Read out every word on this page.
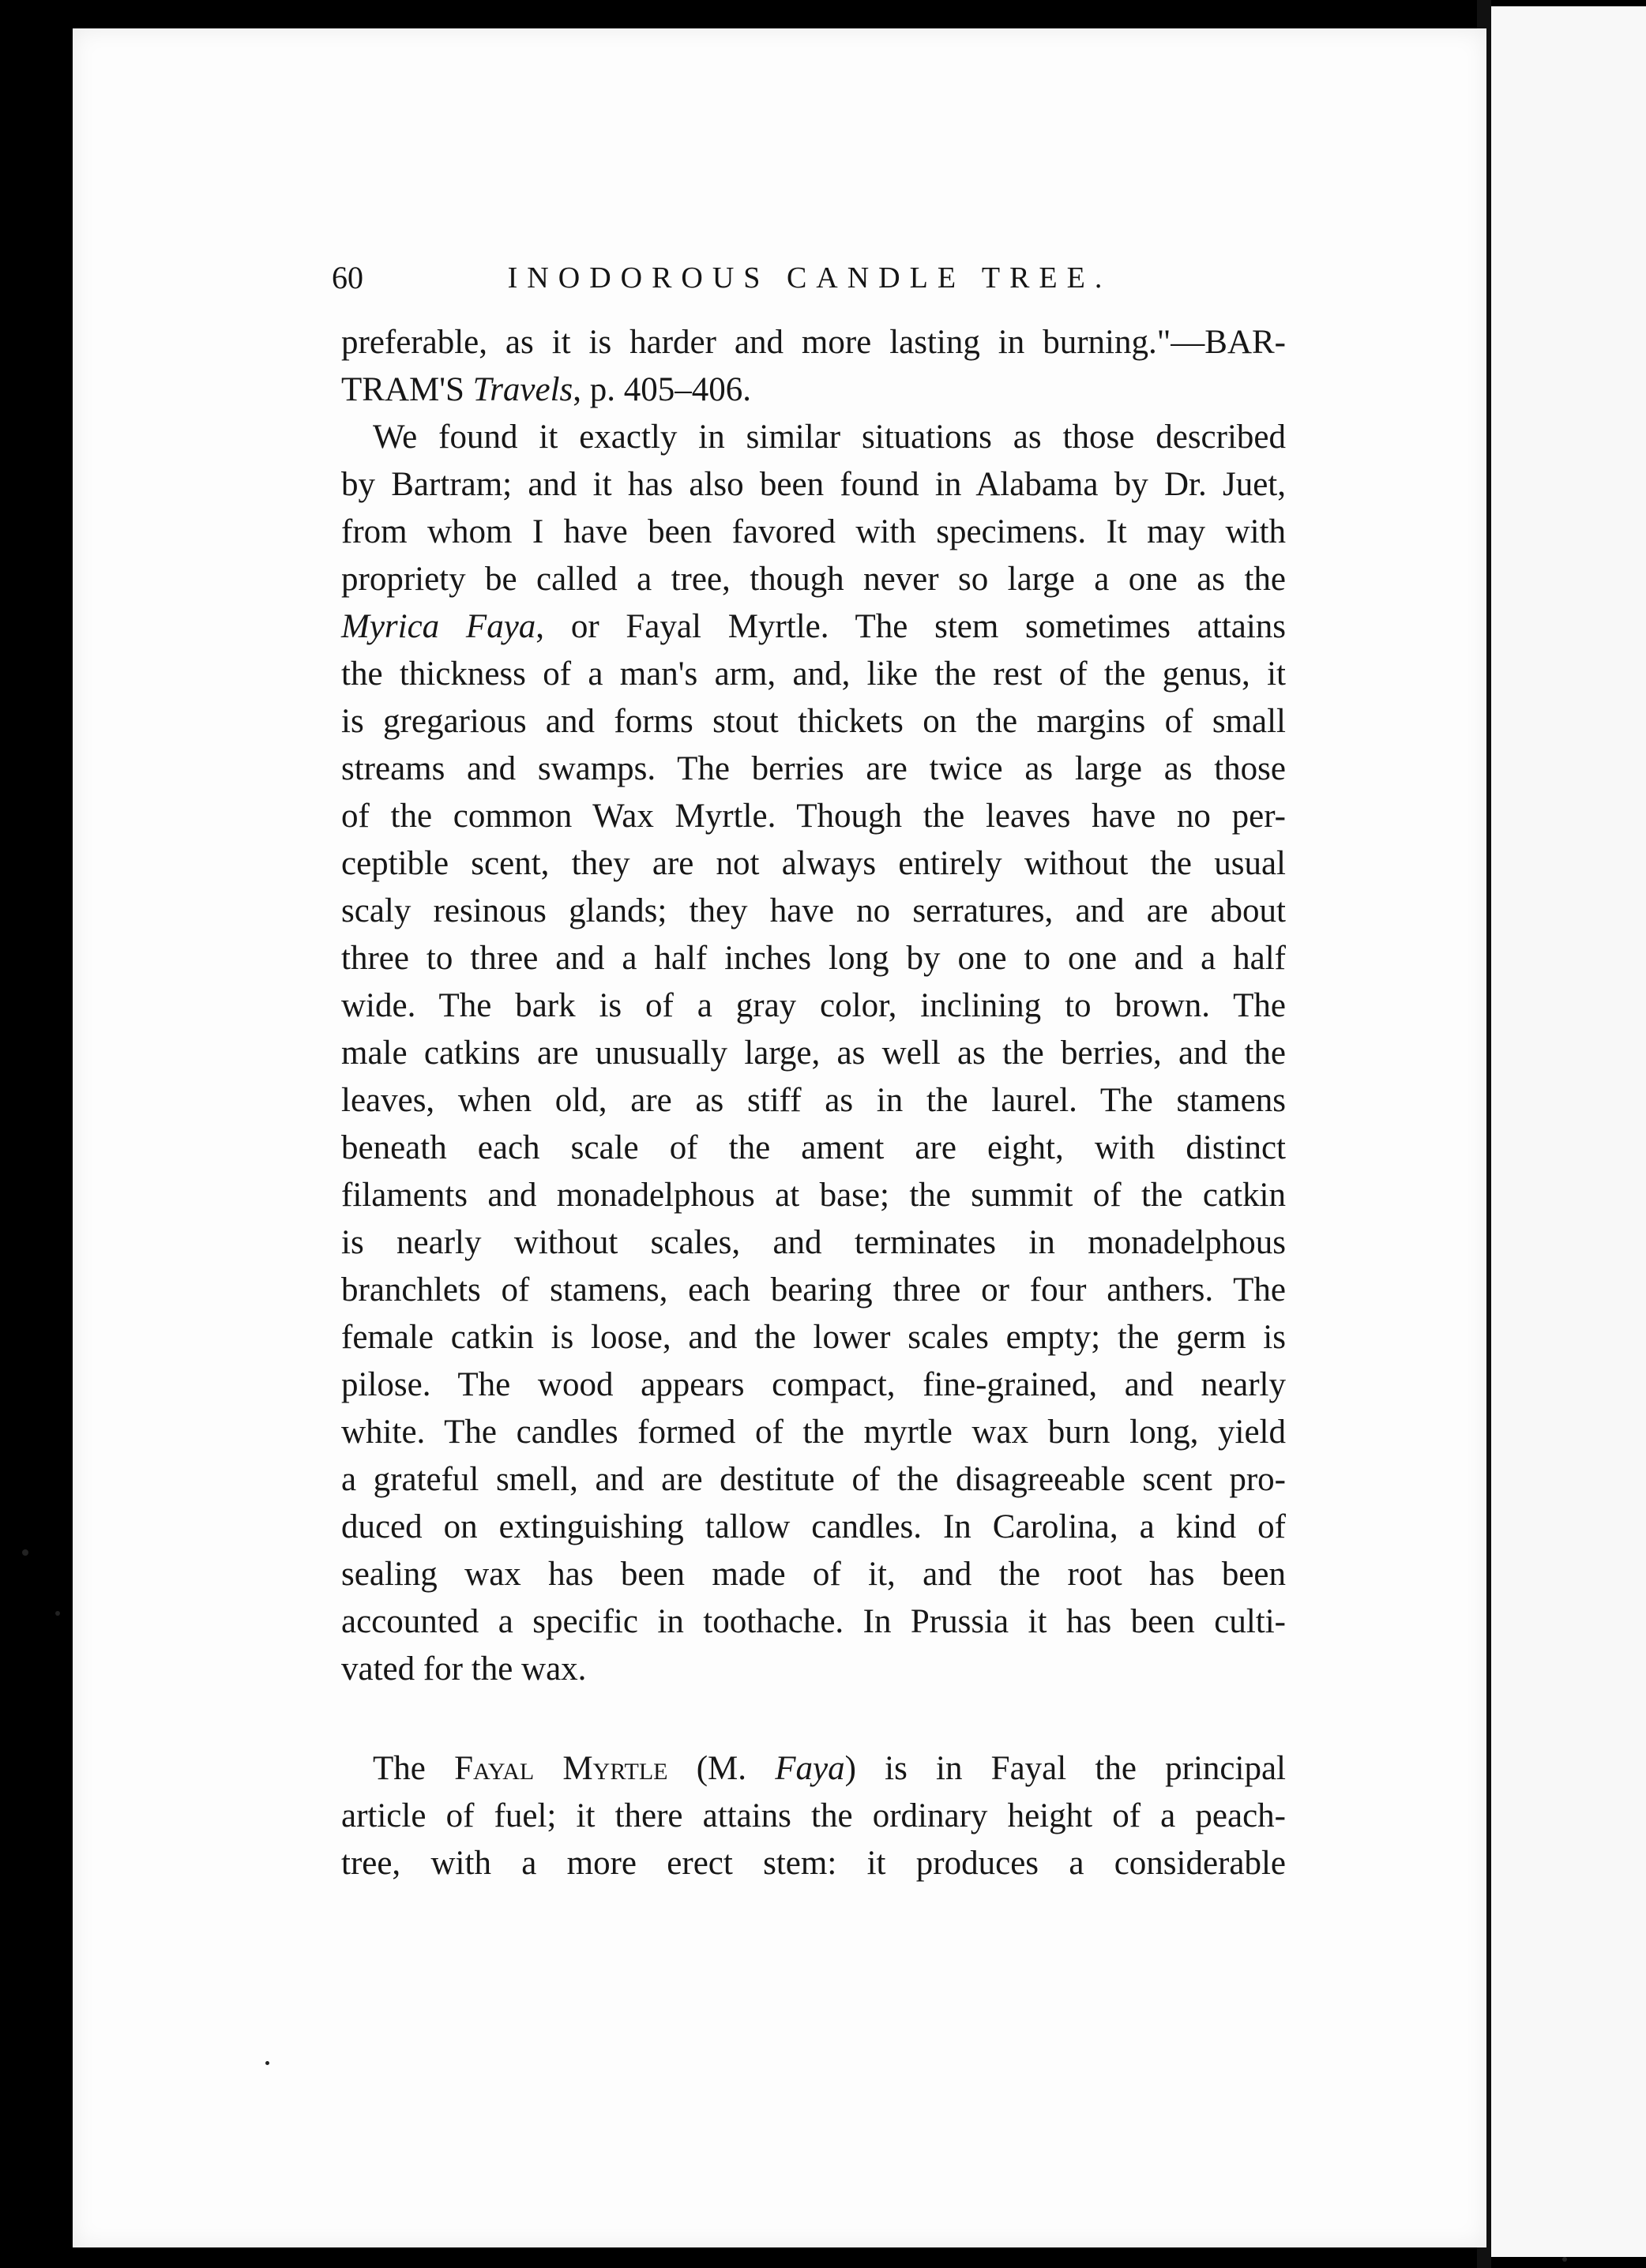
60	INODOROUS CANDLE TREE.
preferable, as it is harder and more lasting in burning."—BAR-
TRAM'S Travels, p. 405–406.
We found it exactly in similar situations as those described
by Bartram; and it has also been found in Alabama by Dr. Juet,
from whom I have been favored with specimens. It may with
propriety be called a tree, though never so large a one as the
Myrica Faya, or Fayal Myrtle. The stem sometimes attains
the thickness of a man's arm, and, like the rest of the genus, it
is gregarious and forms stout thickets on the margins of small
streams and swamps. The berries are twice as large as those
of the common Wax Myrtle. Though the leaves have no per-
ceptible scent, they are not always entirely without the usual
scaly resinous glands; they have no serratures, and are about
three to three and a half inches long by one to one and a half
wide. The bark is of a gray color, inclining to brown. The
male catkins are unusually large, as well as the berries, and the
leaves, when old, are as stiff as in the laurel. The stamens
beneath each scale of the ament are eight, with distinct
filaments and monadelphous at base; the summit of the catkin
is nearly without scales, and terminates in monadelphous
branchlets of stamens, each bearing three or four anthers. The
female catkin is loose, and the lower scales empty; the germ is
pilose. The wood appears compact, fine-grained, and nearly
white. The candles formed of the myrtle wax burn long, yield
a grateful smell, and are destitute of the disagreeable scent pro-
duced on extinguishing tallow candles. In Carolina, a kind of
sealing wax has been made of it, and the root has been
accounted a specific in toothache. In Prussia it has been culti-
vated for the wax.
The Fayal Myrtle (M. Faya) is in Fayal the principal
article of fuel; it there attains the ordinary height of a peach-
tree, with a more erect stem: it produces a considerable
